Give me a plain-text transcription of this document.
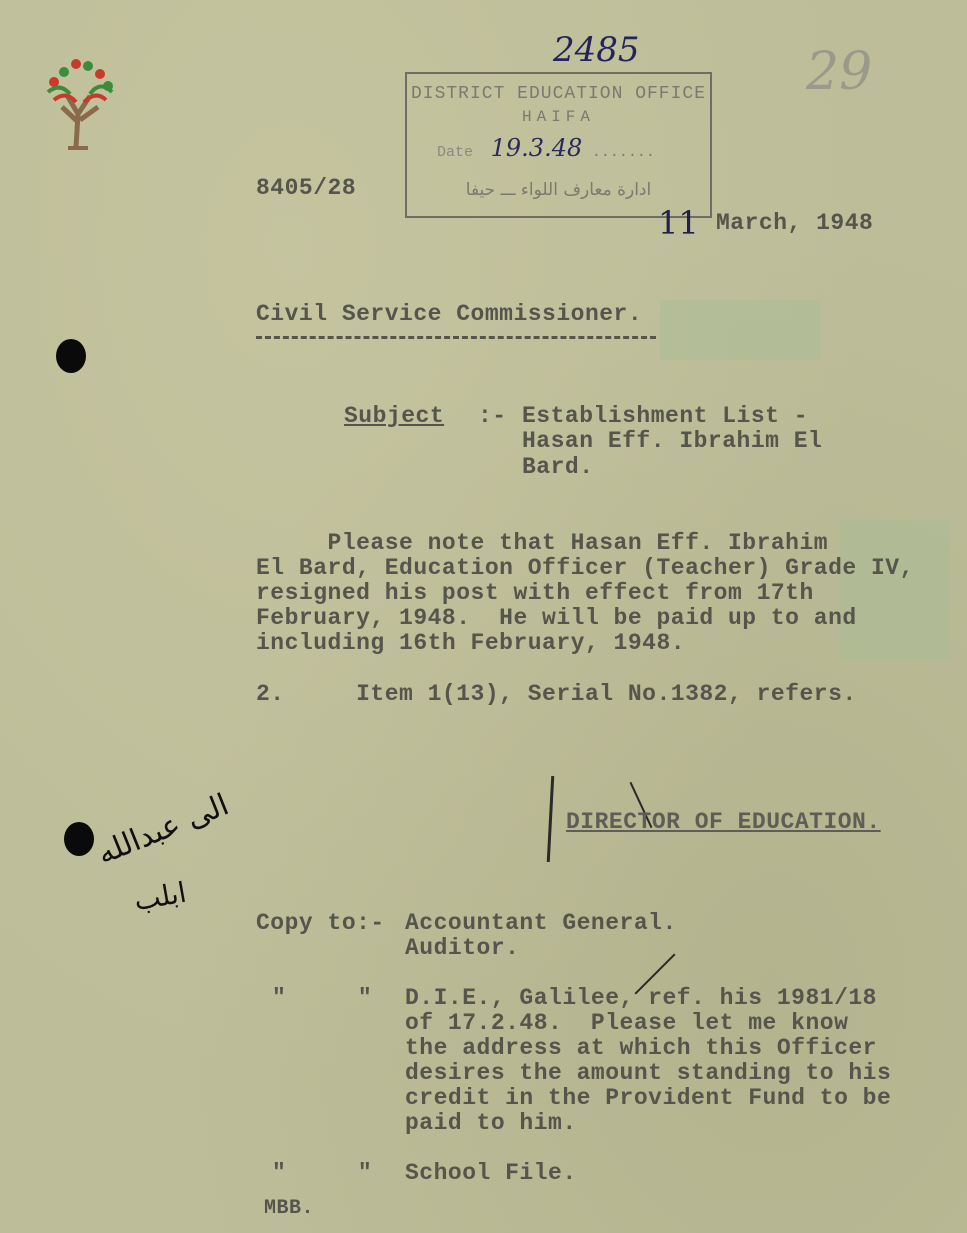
2485	29
DISTRICT EDUCATION OFFICE
HAIFA
Date 19.3.48 .......
ادارة معارف اللواء ـــ حيفا
8405/28
11 March, 1948
Civil Service Commissioner.
Subject :- Establishment List -
Hasan Eff. Ibrahim El
Bard.
Please note that Hasan Eff. Ibrahim
El Bard, Education Officer (Teacher) Grade IV,
resigned his post with effect from 17th
February, 1948.  He will be paid up to and
including 16th February, 1948.
2.     Item 1(13), Serial No.1382, refers.
DIRECTOR OF EDUCATION.
الى عبدالله
ابلب
Copy to:- Accountant General.
Auditor.
"     " D.I.E., Galilee, ref. his 1981/18
of 17.2.48.  Please let me know
the address at which this Officer
desires the amount standing to his
credit in the Provident Fund to be
paid to him.
"     " School File.
MBB.
